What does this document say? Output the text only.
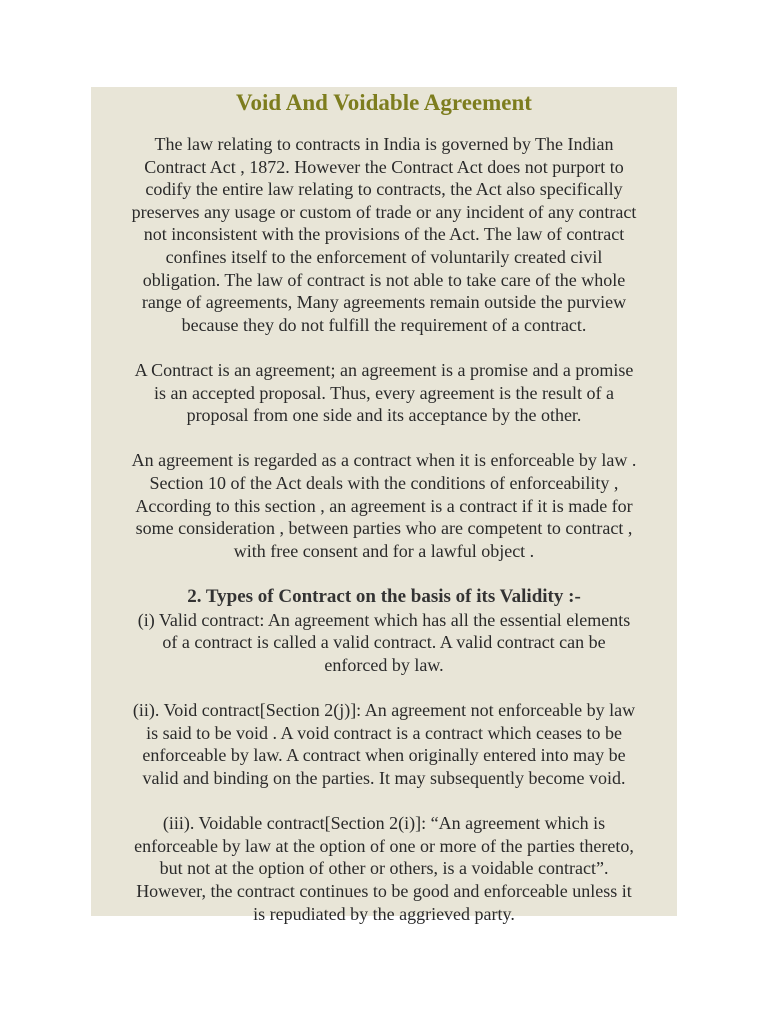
Void And Voidable Agreement

The law relating to contracts in India is governed by The Indian
Contract Act , 1872. However the Contract Act does not purport to
codify the entire law relating to contracts, the Act also specifically
preserves any usage or custom of trade or any incident of any contract
not inconsistent with the provisions of the Act. The law of contract
confines itself to the enforcement of voluntarily created civil
obligation. The law of contract is not able to take care of the whole
range of agreements, Many agreements remain outside the purview
because they do not fulfill the requirement of a contract.

A Contract is an agreement; an agreement is a promise and a promise
is an accepted proposal. Thus, every agreement is the result of a
proposal from one side and its acceptance by the other.

An agreement is regarded as a contract when it is enforceable by law .
Section 10 of the Act deals with the conditions of enforceability ,
According to this section , an agreement is a contract if it is made for
some consideration , between parties who are competent to contract ,
with free consent and for a lawful object .

2. Types of Contract on the basis of its Validity :-

(i) Valid contract: An agreement which has all the essential elements
of a contract is called a valid contract. A valid contract can be
enforced by law.

(ii). Void contract[Section 2(j)]: An agreement not enforceable by law
is said to be void . A void contract is a contract which ceases to be
enforceable by law. A contract when originally entered into may be
valid and binding on the parties. It may subsequently become void.

(iii). Voidable contract[Section 2(i)]: “An agreement which is
enforceable by law at the option of one or more of the parties thereto,
but not at the option of other or others, is a voidable contract”.
However, the contract continues to be good and enforceable unless it
is repudiated by the aggrieved party.
